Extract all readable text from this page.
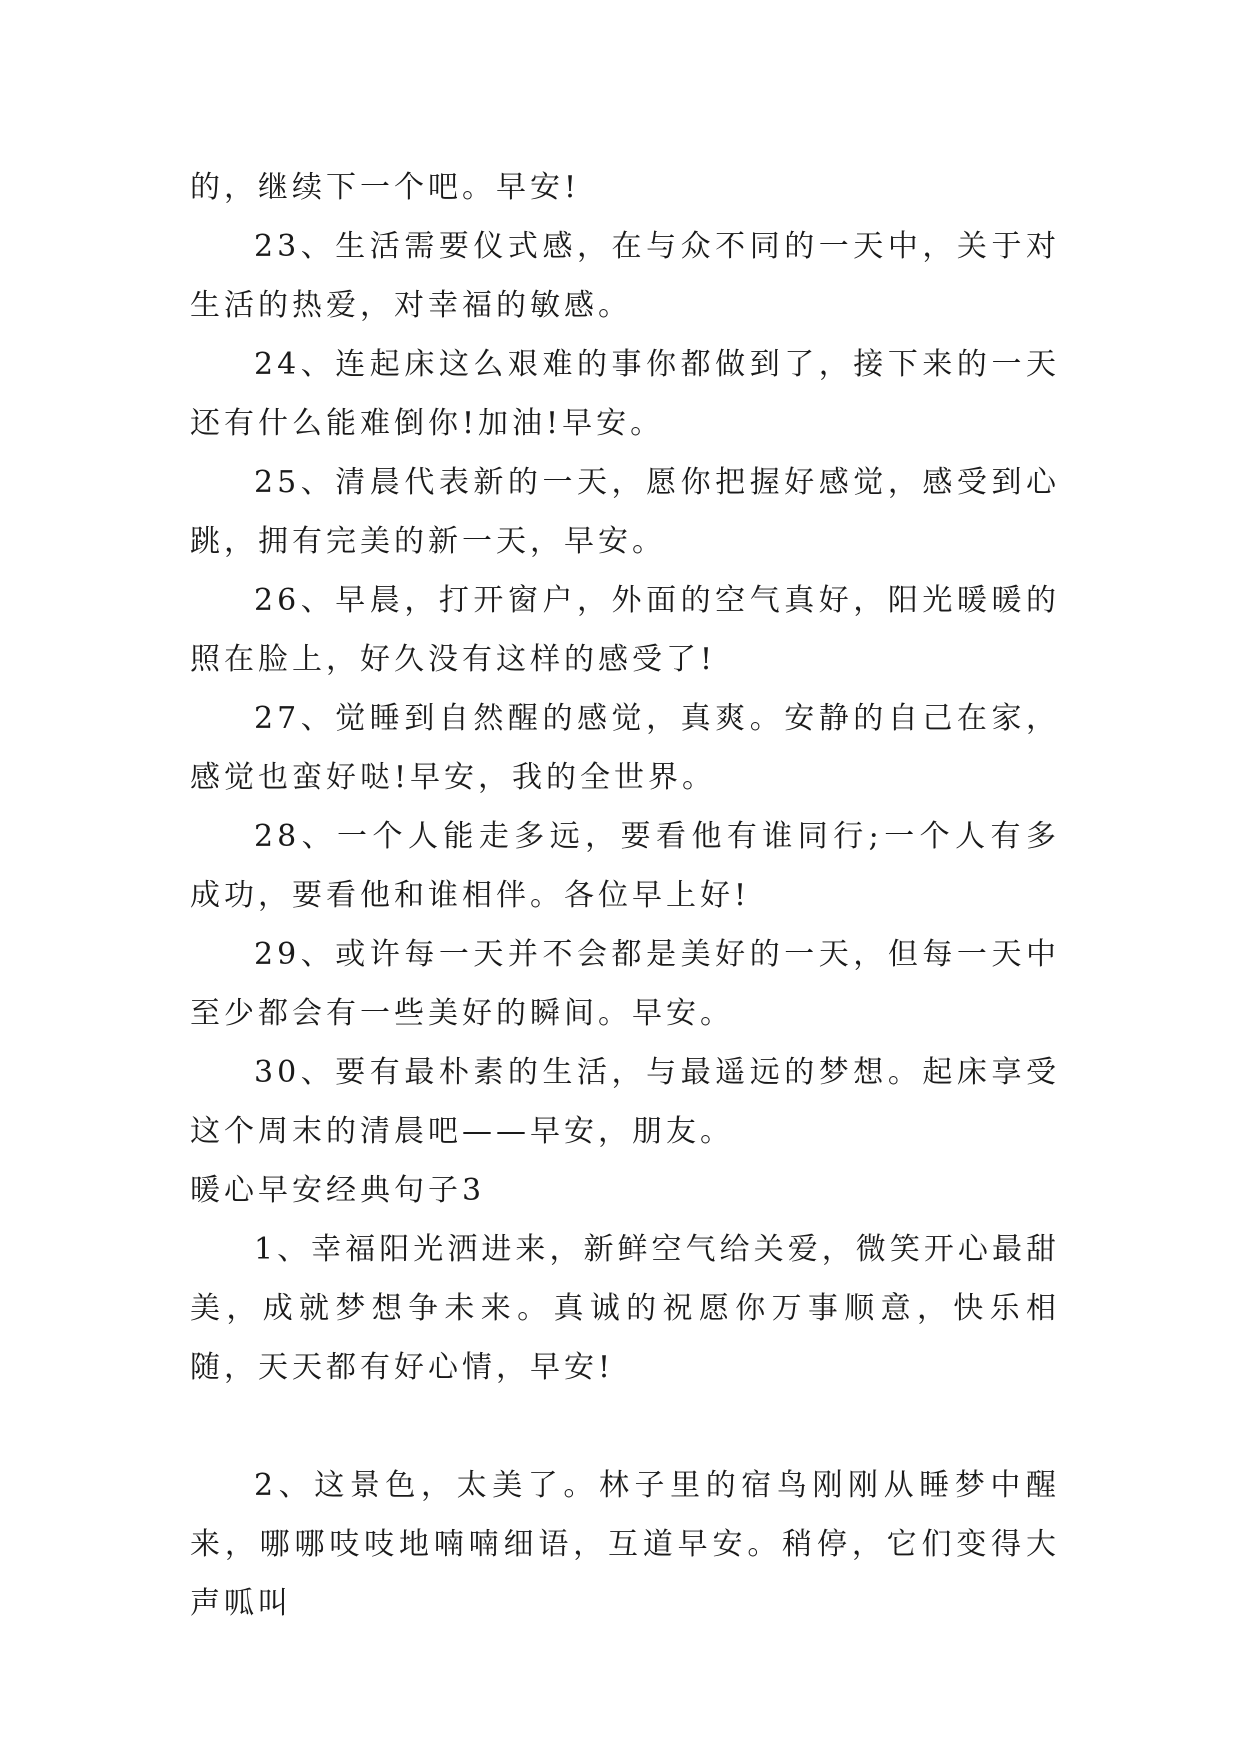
的，继续下一个吧。早安!

23、生活需要仪式感，在与众不同的一天中，关于对生活的热爱，对幸福的敏感。

24、连起床这么艰难的事你都做到了，接下来的一天还有什么能难倒你!加油!早安。

25、清晨代表新的一天，愿你把握好感觉，感受到心跳，拥有完美的新一天，早安。

26、早晨，打开窗户，外面的空气真好，阳光暖暖的照在脸上，好久没有这样的感受了!

27、觉睡到自然醒的感觉，真爽。安静的自己在家，感觉也蛮好哒!早安，我的全世界。

28、一个人能走多远，要看他有谁同行;一个人有多成功，要看他和谁相伴。各位早上好!

29、或许每一天并不会都是美好的一天，但每一天中至少都会有一些美好的瞬间。早安。

30、要有最朴素的生活，与最遥远的梦想。起床享受这个周末的清晨吧——早安，朋友。

暖心早安经典句子3

1、幸福阳光洒进来，新鲜空气给关爱，微笑开心最甜美，成就梦想争未来。真诚的祝愿你万事顺意，快乐相随，天天都有好心情，早安!

2、这景色，太美了。林子里的宿鸟刚刚从睡梦中醒来，哪哪吱吱地喃喃细语，互道早安。稍停，它们变得大声呱叫
